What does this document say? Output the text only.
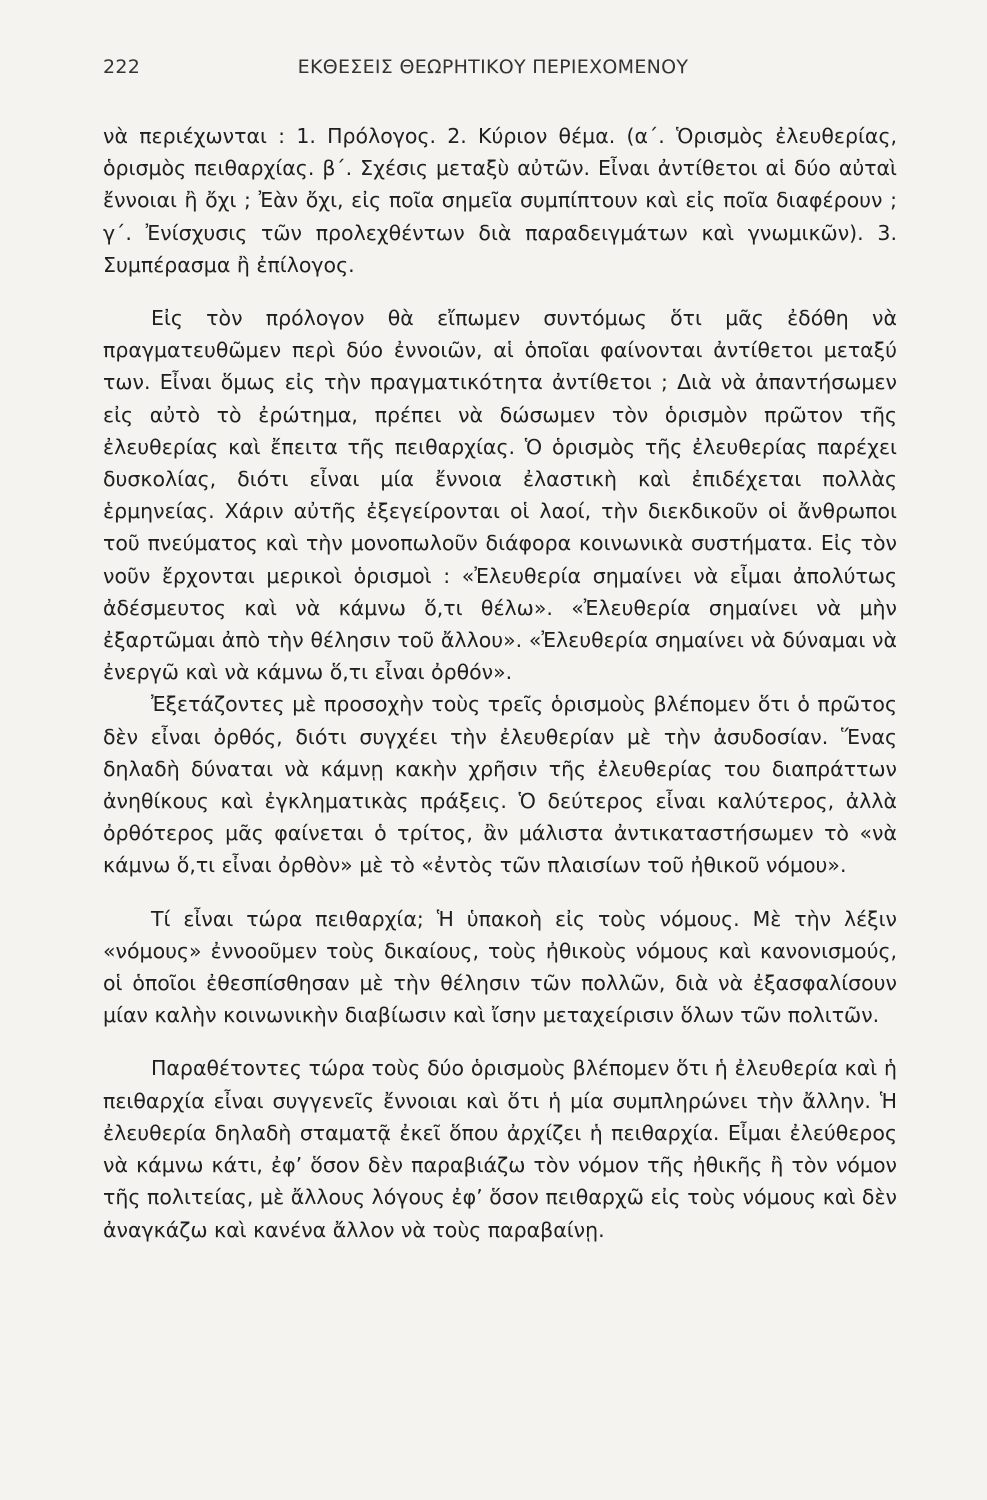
222	ΕΚΘΕΣΕΙΣ ΘΕΩΡΗΤΙΚΟΥ ΠΕΡΙΕΧΟΜΕΝΟΥ

νὰ περιέχωνται : 1. Πρόλογος. 2. Κύριον θέμα. (α΄. Ὁρισμὸς ἐλευθερίας, ὁρισμὸς πειθαρχίας. β΄. Σχέσις μεταξὺ αὐτῶν. Εἶναι ἀντίθετοι αἱ δύο αὐταὶ ἔννοιαι ἢ ὄχι ; Ἐὰν ὄχι, εἰς ποῖα σημεῖα συμπίπτουν καὶ εἰς ποῖα διαφέρουν ; γ΄. Ἐνίσχυσις τῶν προλεχθέντων διὰ παραδειγμάτων καὶ γνωμικῶν). 3. Συμπέρασμα ἢ ἐπίλογος.

Εἰς τὸν πρόλογον θὰ εἴπωμεν συντόμως ὅτι μᾶς ἐδόθη νὰ πραγματευθῶμεν περὶ δύο ἐννοιῶν, αἱ ὁποῖαι φαίνονται ἀντίθετοι μεταξύ των. Εἶναι ὅμως εἰς τὴν πραγματικότητα ἀντίθετοι ; Διὰ νὰ ἀπαντήσωμεν εἰς αὐτὸ τὸ ἐρώτημα, πρέπει νὰ δώσωμεν τὸν ὁρισμὸν πρῶτον τῆς ἐλευθερίας καὶ ἔπειτα τῆς πειθαρχίας. Ὁ ὁρισμὸς τῆς ἐλευθερίας παρέχει δυσκολίας, διότι εἶναι μία ἔννοια ἐλαστικὴ καὶ ἐπιδέχεται πολλὰς ἑρμηνείας. Χάριν αὐτῆς ἐξεγείρονται οἱ λαοί, τὴν διεκδικοῦν οἱ ἄνθρωποι τοῦ πνεύματος καὶ τὴν μονοπωλοῦν διάφορα κοινωνικὰ συστήματα. Εἰς τὸν νοῦν ἔρχονται μερικοὶ ὁρισμοὶ : «Ἐλευθερία σημαίνει νὰ εἶμαι ἀπολύτως ἀδέσμευτος καὶ νὰ κάμνω ὅ,τι θέλω». «Ἐλευθερία σημαίνει νὰ μὴν ἐξαρτῶμαι ἀπὸ τὴν θέλησιν τοῦ ἄλλου». «Ἐλευθερία σημαίνει νὰ δύναμαι νὰ ἐνεργῶ καὶ νὰ κάμνω ὅ,τι εἶναι ὀρθόν».

Ἐξετάζοντες μὲ προσοχὴν τοὺς τρεῖς ὁρισμοὺς βλέπομεν ὅτι ὁ πρῶτος δὲν εἶναι ὀρθός, διότι συγχέει τὴν ἐλευθερίαν μὲ τὴν ἀσυδοσίαν. Ἕνας δηλαδὴ δύναται νὰ κάμνῃ κακὴν χρῆσιν τῆς ἐλευθερίας του διαπράττων ἀνηθίκους καὶ ἐγκληματικὰς πράξεις. Ὁ δεύτερος εἶναι καλύτερος, ἀλλὰ ὀρθότερος μᾶς φαίνεται ὁ τρίτος, ἂν μάλιστα ἀντικαταστήσωμεν τὸ «νὰ κάμνω ὅ,τι εἶναι ὀρθὸν» μὲ τὸ «ἐντὸς τῶν πλαισίων τοῦ ἠθικοῦ νόμου».

Τί εἶναι τώρα πειθαρχία; Ἡ ὑπακοὴ εἰς τοὺς νόμους. Μὲ τὴν λέξιν «νόμους» ἐννοοῦμεν τοὺς δικαίους, τοὺς ἠθικοὺς νόμους καὶ κανονισμούς, οἱ ὁποῖοι ἐθεσπίσθησαν μὲ τὴν θέλησιν τῶν πολλῶν, διὰ νὰ ἐξασφαλίσουν μίαν καλὴν κοινωνικὴν διαβίωσιν καὶ ἴσην μεταχείρισιν ὅλων τῶν πολιτῶν.

Παραθέτοντες τώρα τοὺς δύο ὁρισμοὺς βλέπομεν ὅτι ἡ ἐλευθερία καὶ ἡ πειθαρχία εἶναι συγγενεῖς ἔννοιαι καὶ ὅτι ἡ μία συμπληρώνει τὴν ἄλλην. Ἡ ἐλευθερία δηλαδὴ σταματᾷ ἐκεῖ ὅπου ἀρχίζει ἡ πειθαρχία. Εἶμαι ἐλεύθερος νὰ κάμνω κάτι, ἐφ’ ὅσον δὲν παραβιάζω τὸν νόμον τῆς ἠθικῆς ἢ τὸν νόμον τῆς πολιτείας, μὲ ἄλλους λόγους ἐφ’ ὅσον πειθαρχῶ εἰς τοὺς νόμους καὶ δὲν ἀναγκάζω καὶ κανένα ἄλλον νὰ τοὺς παραβαίνῃ.
